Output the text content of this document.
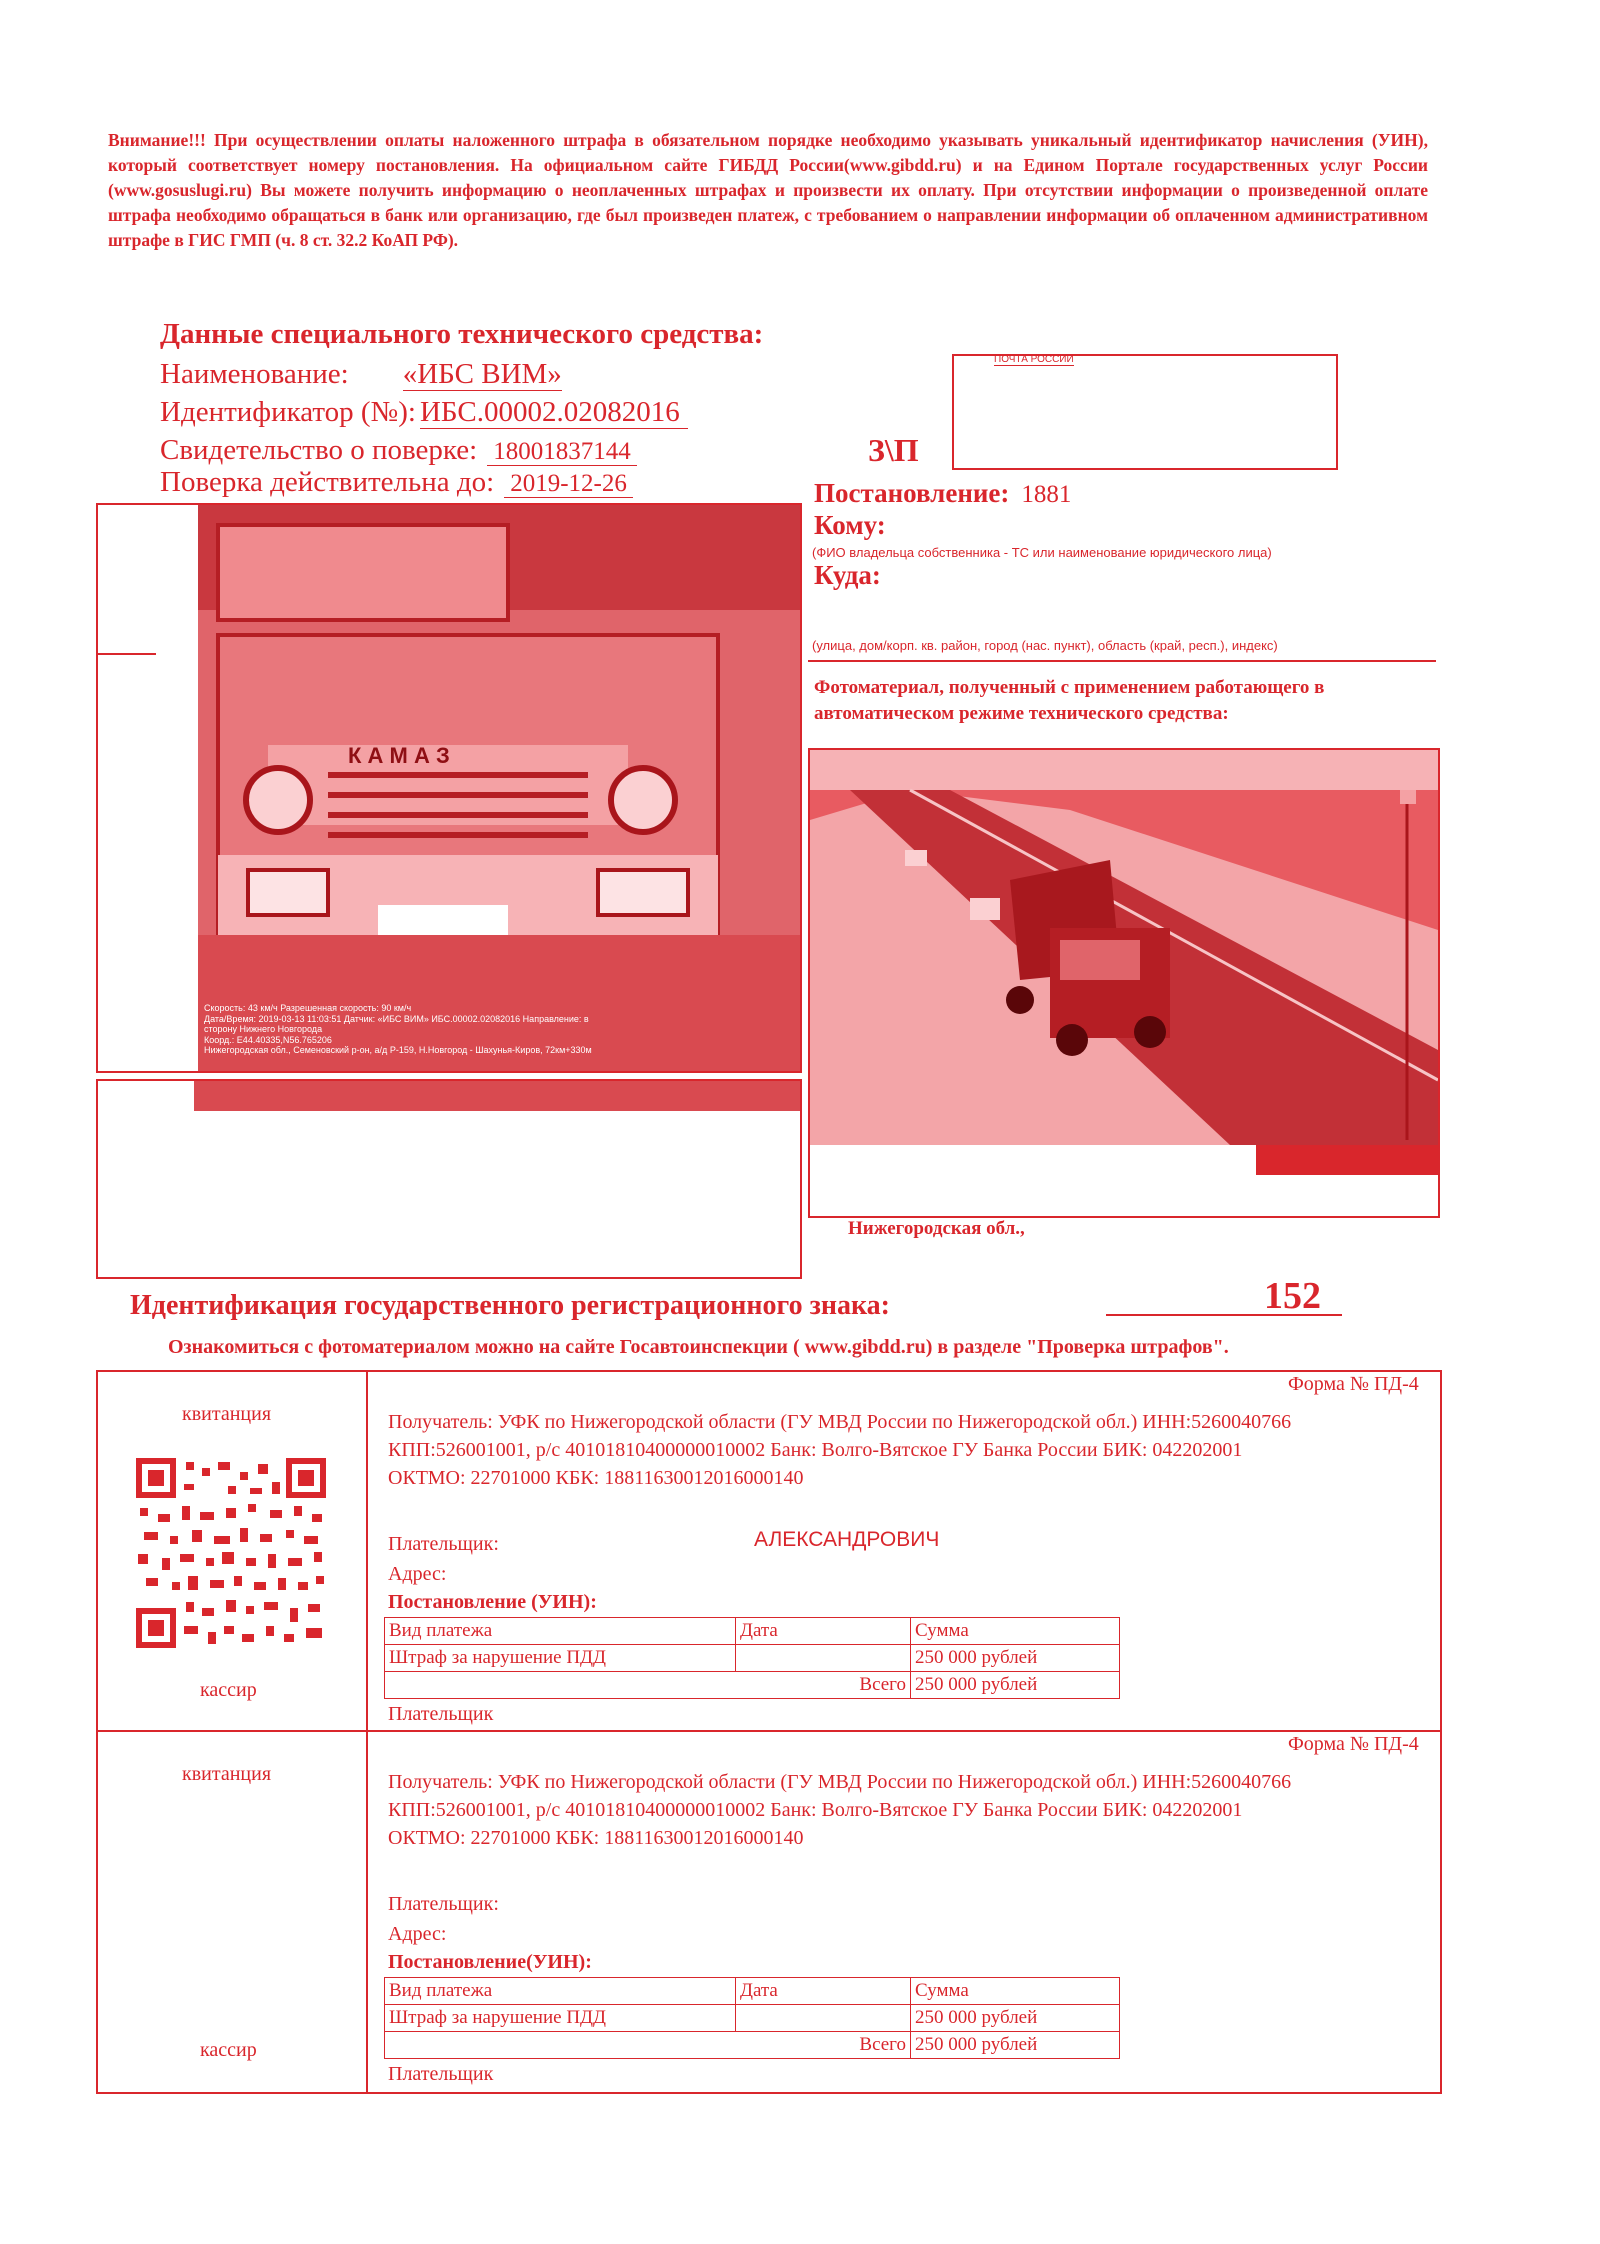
Внимание!!! При осуществлении оплаты наложенного штрафа в обязательном порядке необходимо указывать уникальный идентификатор начисления (УИН), который соответствует номеру постановления. На официальном сайте ГИБДД России(www.gibdd.ru) и на Едином Портале государственных услуг России (www.gosuslugi.ru) Вы можете получить информацию о неоплаченных штрафах и произвести их оплату. При отсутствии информации о произведенной оплате штрафа необходимо обращаться в банк или организацию, где был произведен платеж, с требованием о направлении информации об оплаченном административном штрафе в ГИС ГМП (ч. 8 ст. 32.2 КоАП РФ).
Данные специального технического средства:
Наименование: «ИБС ВИМ»
Идентификатор (№): ИБС.00002.02082016
Свидетельство о поверке: 18001837144
Поверка действительна до: 2019-12-26
ПОЧТА РОССИИ
З\П
Постановление: 1881
Кому:
(ФИО владельца собственника - ТС или наименование юридического лица)
Куда:
(улица, дом/корп. кв. район, город (нас. пункт), область (край, респ.), индекс)
К А М А З
Скорость: 43 км/ч Разрешенная скорость: 90 км/ч
Дата/Время: 2019-03-13 11:03:51 Датчик: «ИБС ВИМ» ИБС.00002.02082016 Направление: в
сторону Нижнего Новгорода
Коорд.: Е44.40335,N56.765206
Нижегородская обл., Семеновский р-он, а/д Р-159, Н.Новгород - Шахунья-Киров, 72км+330м
Фотоматериал, полученный с применением работающего в автоматическом режиме технического средства:
Нижегородская обл.,
Идентификация государственного регистрационного знака:	152
Ознакомиться с фотоматериалом можно на сайте Госавтоинспекции ( www.gibdd.ru) в разделе "Проверка штрафов".
Форма № ПД-4
квитанция
кассир
Получатель: УФК по Нижегородской области (ГУ МВД России по Нижегородской обл.) ИНН:5260040766
КПП:526001001, р/с 40101810400000010002 Банк: Волго-Вятское ГУ Банка России БИК: 042202001
ОКТМО: 22701000 КБК: 18811630012016000140
Плательщик:	АЛЕКСАНДРОВИЧ
Адрес:
Постановление (УИН):
Вид платежа	Дата	Сумма
Штраф за нарушение ПДД		250 000 рублей
Всего		250 000 рублей
Плательщик
Форма № ПД-4
квитанция
кассир
Получатель: УФК по Нижегородской области (ГУ МВД России по Нижегородской обл.) ИНН:5260040766
КПП:526001001, р/с 40101810400000010002 Банк: Волго-Вятское ГУ Банка России БИК: 042202001
ОКТМО: 22701000 КБК: 18811630012016000140
Плательщик:
Адрес:
Постановление(УИН):
Вид платежа	Дата	Сумма
Штраф за нарушение ПДД		250 000 рублей
Всего		250 000 рублей
Плательщик
